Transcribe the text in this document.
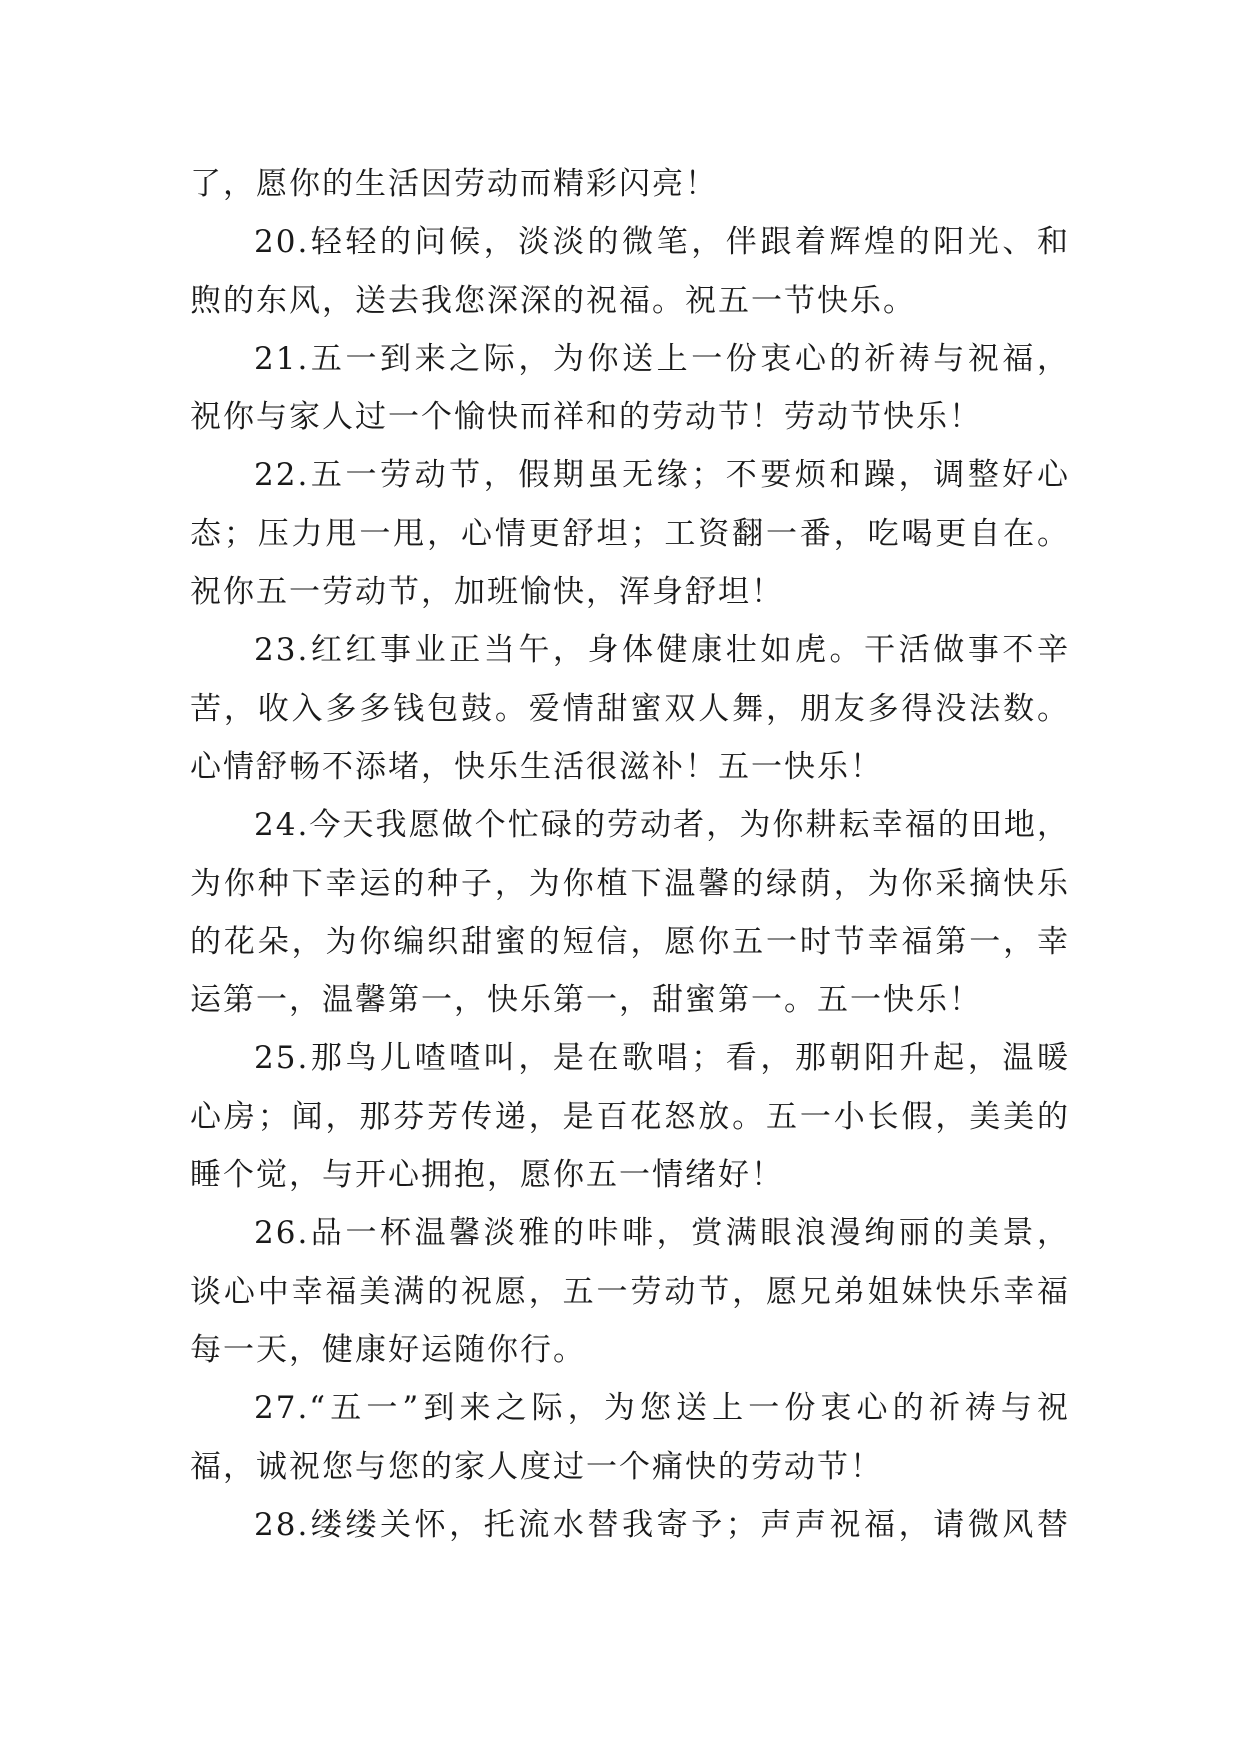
了，愿你的生活因劳动而精彩闪亮！
20.轻轻的问候，淡淡的微笔，伴跟着辉煌的阳光、和
煦的东风，送去我您深深的祝福。祝五一节快乐。
21.五一到来之际，为你送上一份衷心的祈祷与祝福，
祝你与家人过一个愉快而祥和的劳动节！劳动节快乐！
22.五一劳动节，假期虽无缘；不要烦和躁，调整好心
态；压力甩一甩，心情更舒坦；工资翻一番，吃喝更自在。
祝你五一劳动节，加班愉快，浑身舒坦！
23.红红事业正当午，身体健康壮如虎。干活做事不辛
苦，收入多多钱包鼓。爱情甜蜜双人舞，朋友多得没法数。
心情舒畅不添堵，快乐生活很滋补！五一快乐！
24.今天我愿做个忙碌的劳动者，为你耕耘幸福的田地，
为你种下幸运的种子，为你植下温馨的绿荫，为你采摘快乐
的花朵，为你编织甜蜜的短信，愿你五一时节幸福第一，幸
运第一，温馨第一，快乐第一，甜蜜第一。五一快乐！
25.那鸟儿喳喳叫，是在歌唱；看，那朝阳升起，温暖
心房；闻，那芬芳传递，是百花怒放。五一小长假，美美的
睡个觉，与开心拥抱，愿你五一情绪好！
26.品一杯温馨淡雅的咔啡，赏满眼浪漫绚丽的美景，
谈心中幸福美满的祝愿，五一劳动节，愿兄弟姐妹快乐幸福
每一天，健康好运随你行。
27.“五一”到来之际，为您送上一份衷心的祈祷与祝
福，诚祝您与您的家人度过一个痛快的劳动节！
28.缕缕关怀，托流水替我寄予；声声祝福，请微风替
